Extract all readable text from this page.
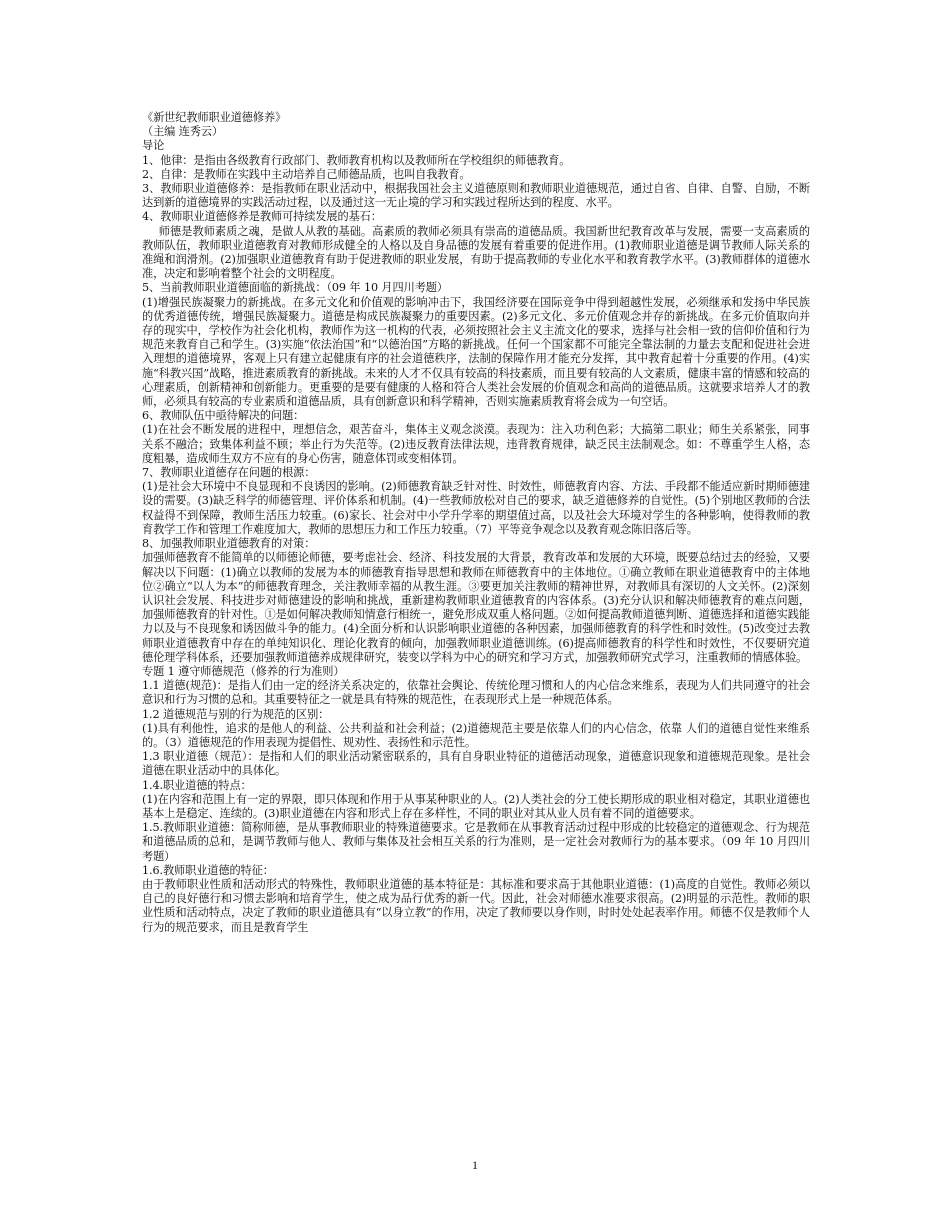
《新世纪教师职业道德修养》

（主编 连秀云）

导论

1、他律：是指由各级教育行政部门、教师教育机构以及教师所在学校组织的师德教育。

2、自律：是教师在实践中主动培养自己师德品质，也叫自我教育。

3、教师职业道德修养：是指教师在职业活动中，根据我国社会主义道德原则和教师职业道德规范，通过自省、自律、自警、自励，不断达到新的道德境界的实践活动过程，以及通过这一无止境的学习和实践过程所达到的程度、水平。

4、教师职业道德修养是教师可持续发展的基石：

师德是教师素质之魂，是做人从教的基础。高素质的教师必须具有崇高的道德品质。我国新世纪教育改革与发展，需要一支高素质的教师队伍，教师职业道德教育对教师形成健全的人格以及自身品德的发展有着重要的促进作用。(1)教师职业道德是调节教师人际关系的准绳和润滑剂。(2)加强职业道德教育有助于促进教师的职业发展，有助于提高教师的专业化水平和教育教学水平。(3)教师群体的道德水准，决定和影响着整个社会的文明程度。

5、当前教师职业道德面临的新挑战：（09 年 10 月四川考题）

(1)增强民族凝聚力的新挑战。在多元文化和价值观的影响冲击下，我国经济要在国际竞争中得到超越性发展，必须继承和发扬中华民族的优秀道德传统，增强民族凝聚力。道德是构成民族凝聚力的重要因素。(2)多元文化、多元价值观念并存的新挑战。在多元价值取向并存的现实中，学校作为社会化机构，教师作为这一机构的代表，必须按照社会主义主流文化的要求，选择与社会相一致的信仰价值和行为规范来教育自己和学生。(3)实施“依法治国”和“以德治国”方略的新挑战。任何一个国家都不可能完全靠法制的力量去支配和促进社会进入理想的道德境界，客观上只有建立起健康有序的社会道德秩序，法制的保障作用才能充分发挥，其中教育起着十分重要的作用。(4)实施“科教兴国”战略，推进素质教育的新挑战。未来的人才不仅具有较高的科技素质，而且要有较高的人文素质，健康丰富的情感和较高的心理素质，创新精神和创新能力。更重要的是要有健康的人格和符合人类社会发展的价值观念和高尚的道德品质。这就要求培养人才的教师，必须具有较高的专业素质和道德品质，具有创新意识和科学精神，否则实施素质教育将会成为一句空话。

6、教师队伍中亟待解决的问题：

(1)在社会不断发展的进程中，理想信念，艰苦奋斗，集体主义观念淡漠。表现为：注入功利色彩；大搞第二职业；师生关系紧张，同事关系不融洽；致集体利益不顾；举止行为失范等。(2)违反教育法律法规，违背教育规律，缺乏民主法制观念。如：不尊重学生人格，态度粗暴，造成师生双方不应有的身心伤害，随意体罚或变相体罚。

7、教师职业道德存在问题的根源：

(1)是社会大环境中不良显现和不良诱因的影响。(2)师德教育缺乏针对性、时效性，师德教育内容、方法、手段都不能适应新时期师德建设的需要。(3)缺乏科学的师德管理、评价体系和机制。(4)一些教师放松对自己的要求，缺乏道德修养的自觉性。(5)个别地区教师的合法权益得不到保障，教师生活压力较重。(6)家长、社会对中小学升学率的期望值过高，以及社会大环境对学生的各种影响，使得教师的教育教学工作和管理工作难度加大，教师的思想压力和工作压力较重。（7）平等竞争观念以及教育观念陈旧落后等。

8、加强教师职业道德教育的对策：

加强师德教育不能简单的以师德论师德，要考虑社会、经济、科技发展的大背景，教育改革和发展的大环境，既要总结过去的经验，又要解决以下问题：(1)确立以教师的发展为本的师德教育指导思想和教师在师德教育中的主体地位。①确立教师在职业道德教育中的主体地位②确立“以人为本”的师德教育理念，关注教师幸福的从教生涯。③要更加关注教师的精神世界，对教师具有深切的人文关怀。(2)深刻认识社会发展、科技进步对师德建设的影响和挑战，重新建构教师职业道德教育的内容体系。(3)充分认识和解决师德教育的难点问题，加强师德教育的针对性。①是如何解决教师知情意行相统一，避免形成双重人格问题。②如何提高教师道德判断、道德选择和道德实践能力以及与不良现象和诱因做斗争的能力。(4)全面分析和认识影响职业道德的各种因素，加强师德教育的科学性和时效性。(5)改变过去教师职业道德教育中存在的单纯知识化、理论化教育的倾向，加强教师职业道德训练。(6)提高师德教育的科学性和时效性，不仅要研究道德伦理学科体系，还要加强教师道德养成规律研究，装变以学科为中心的研究和学习方式，加强教师研究式学习，注重教师的情感体验。

专题 1 遵守师德规范（修养的行为准则）

1.1 道德(规范)：是指人们由一定的经济关系决定的，依靠社会舆论、传统伦理习惯和人的内心信念来维系，表现为人们共同遵守的社会意识和行为习惯的总和。其重要特征之一就是具有特殊的规范性，在表现形式上是一种规范体系。

1.2 道德规范与别的行为规范的区别：

(1)具有利他性，追求的是他人的利益、公共利益和社会利益；(2)道德规范主要是依靠人们的内心信念，依靠 人们的道德自觉性来维系的。（3）道德规范的作用表现为提倡性、规劝性、表扬性和示范性。

1.3 职业道德（规范）：是指和人们的职业活动紧密联系的，具有自身职业特征的道德活动现象，道德意识现象和道德规范现象。是社会道德在职业活动中的具体化。

1.4.职业道德的特点：

(1)在内容和范围上有一定的界限，即只体现和作用于从事某种职业的人。(2)人类社会的分工使长期形成的职业相对稳定，其职业道德也基本上是稳定、连续的。(3)职业道德在内容和形式上存在多样性，不同的职业对其从业人员有着不同的道德要求。

1.5.教师职业道德：简称师德，是从事教师职业的特殊道德要求。它是教师在从事教育活动过程中形成的比较稳定的道德观念、行为规范和道德品质的总和，是调节教师与他人、教师与集体及社会相互关系的行为准则，是一定社会对教师行为的基本要求。（09 年 10 月四川考题）

1.6.教师职业道德的特征：

由于教师职业性质和活动形式的特殊性，教师职业道德的基本特征是：其标准和要求高于其他职业道德：(1)高度的自觉性。教师必须以自己的良好德行和习惯去影响和培育学生，使之成为品行优秀的新一代。因此，社会对师德水准要求很高。(2)明显的示范性。教师的职业性质和活动特点，决定了教师的职业道德具有“以身立教”的作用，决定了教师要以身作则，时时处处起表率作用。师德不仅是教师个人行为的规范要求，而且是教育学生

1
